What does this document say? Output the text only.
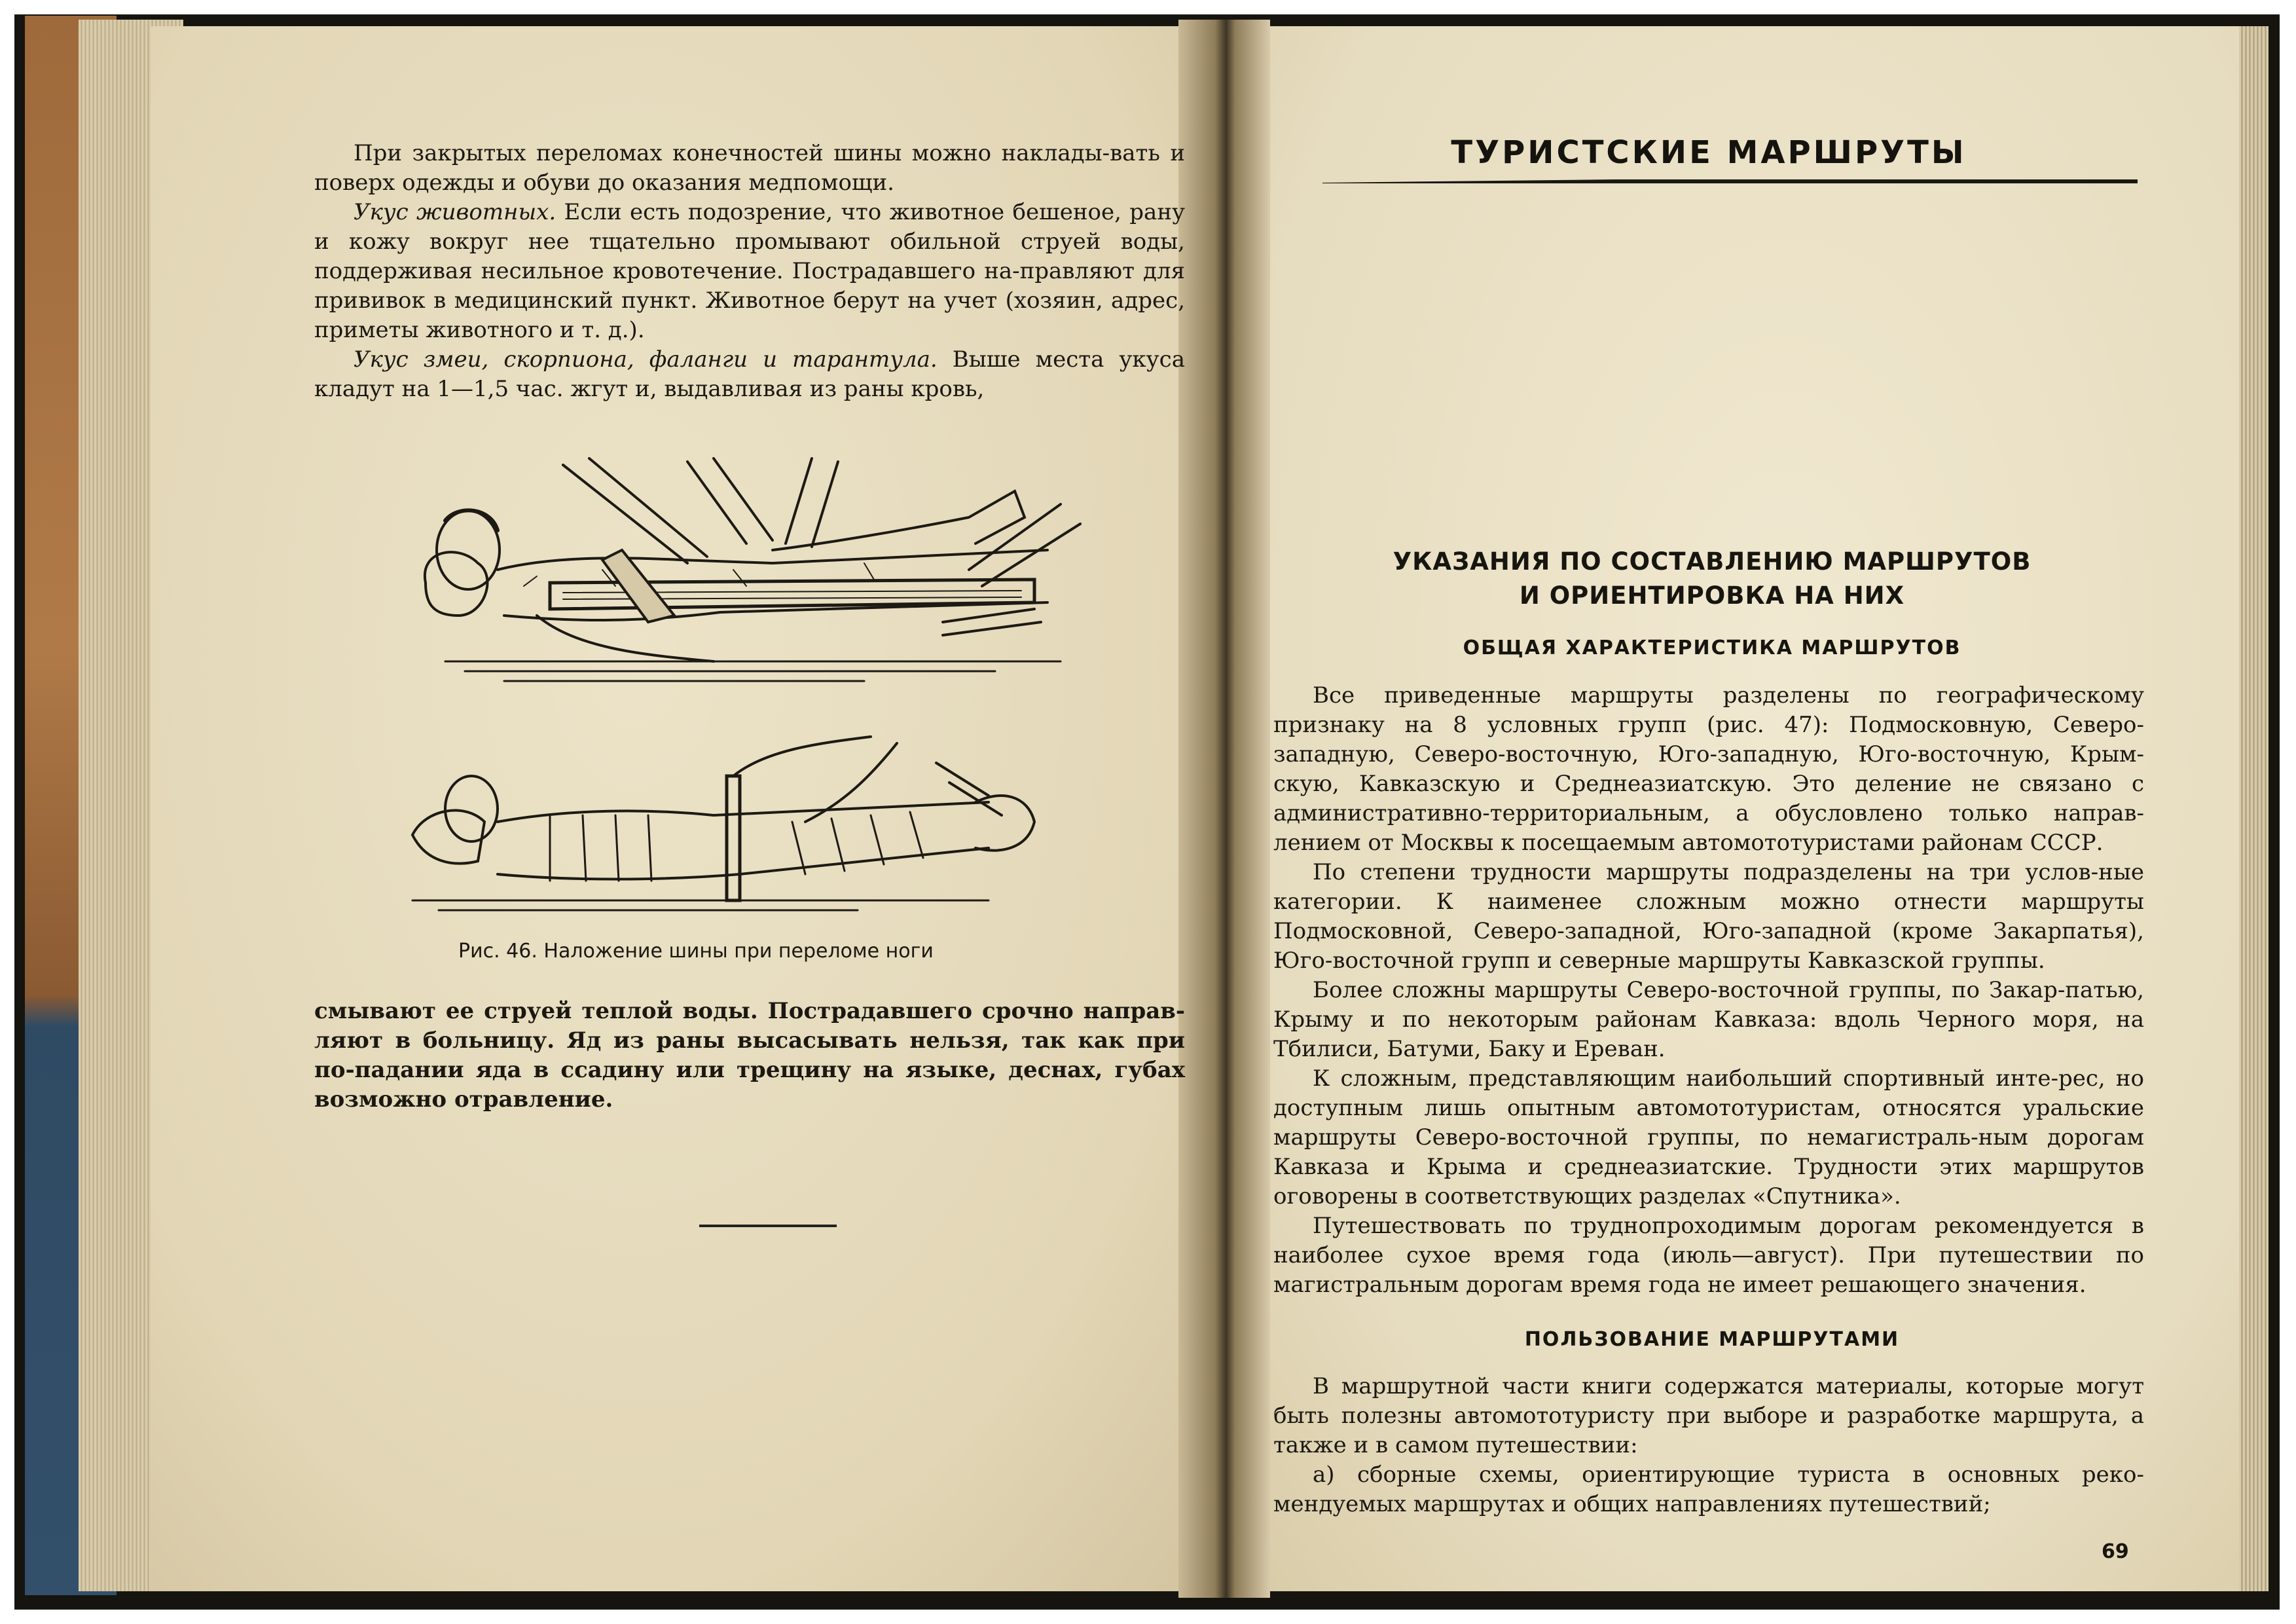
При закрытых переломах конечностей шины можно наклады-вать и поверх одежды и обуви до оказания медпомощи.

Укус животных. Если есть подозрение, что животное бешеное, рану и кожу вокруг нее тщательно промывают обильной струей воды, поддерживая несильное кровотечение. Пострадавшего на-правляют для прививок в медицинский пункт. Животное берут на учет (хозяин, адрес, приметы животного и т. д.).

Укус змеи, скорпиона, фаланги и тарантула. Выше места укуса кладут на 1—1,5 час. жгут и, выдавливая из раны кровь,

Рис. 46. Наложение шины при переломе ноги

смывают ее струей теплой воды. Пострадавшего срочно направ-ляют в больницу. Яд из раны высасывать нельзя, так как при по-падании яда в ссадину или трещину на языке, деснах, губах возможно отравление.

ТУРИСТСКИЕ МАРШРУТЫ
УКАЗАНИЯ ПО СОСТАВЛЕНИЮ МАРШРУТОВ
И ОРИЕНТИРОВКА НА НИХ
ОБЩАЯ ХАРАКТЕРИСТИКА МАРШРУТОВ

Все приведенные маршруты разделены по географическому признаку на 8 условных групп (рис. 47): Подмосковную, Северо-западную, Северо-восточную, Юго-западную, Юго-восточную, Крым-скую, Кавказскую и Среднеазиатскую. Это деление не связано с административно-территориальным, а обусловлено только направ-лением от Москвы к посещаемым автомототуристами районам СССР.

По степени трудности маршруты подразделены на три услов-ные категории. К наименее сложным можно отнести маршруты Подмосковной, Северо-западной, Юго-западной (кроме Закарпатья), Юго-восточной групп и северные маршруты Кавказской группы.

Более сложны маршруты Северо-восточной группы, по Закар-патью, Крыму и по некоторым районам Кавказа: вдоль Черного моря, на Тбилиси, Батуми, Баку и Ереван.

К сложным, представляющим наибольший спортивный инте-рес, но доступным лишь опытным автомототуристам, относятся уральские маршруты Северо-восточной группы, по немагистраль-ным дорогам Кавказа и Крыма и среднеазиатские. Трудности этих маршрутов оговорены в соответствующих разделах «Спутника».

Путешествовать по труднопроходимым дорогам рекомендуется в наиболее сухое время года (июль—август). При путешествии по магистральным дорогам время года не имеет решающего значения.

ПОЛЬЗОВАНИЕ МАРШРУТАМИ

В маршрутной части книги содержатся материалы, которые могут быть полезны автомототуристу при выборе и разработке маршрута, а также и в самом путешествии:

а) сборные схемы, ориентирующие туриста в основных реко-мендуемых маршрутах и общих направлениях путешествий;

69
